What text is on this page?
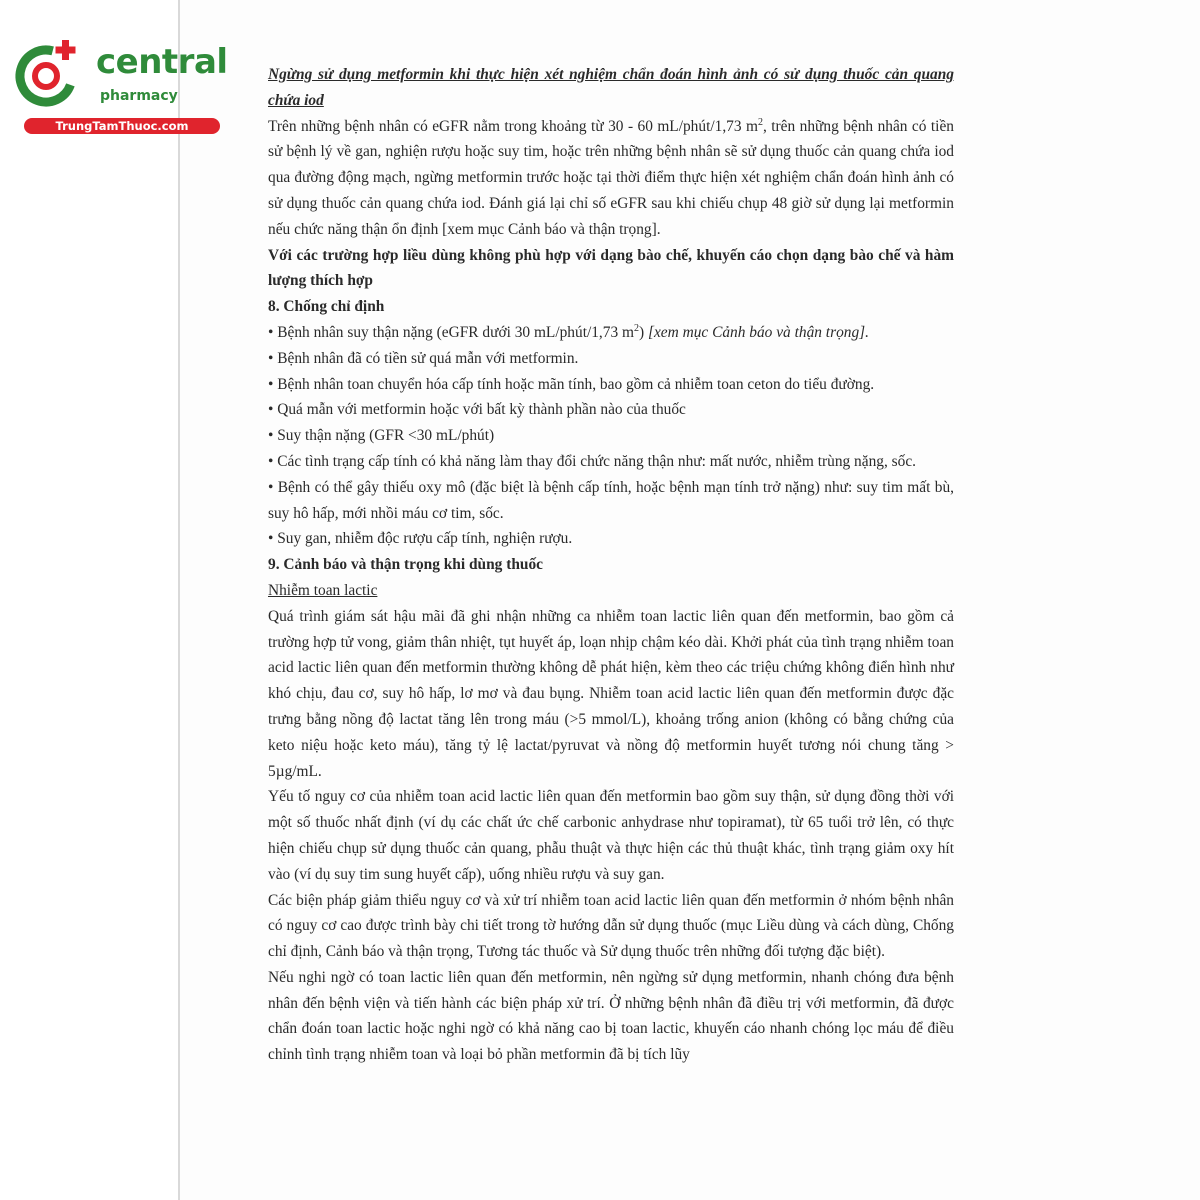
central
pharmacy
TrungTamThuoc.com

Ngừng sử dụng metformin khi thực hiện xét nghiệm chẩn đoán hình ảnh có sử dụng thuốc cản quang chứa iod

Trên những bệnh nhân có eGFR nằm trong khoảng từ 30 - 60 mL/phút/1,73 $m^2$, trên những bệnh nhân có tiền sử bệnh lý về gan, nghiện rượu hoặc suy tim, hoặc trên những bệnh nhân sẽ sử dụng thuốc cản quang chứa iod qua đường động mạch, ngừng metformin trước hoặc tại thời điểm thực hiện xét nghiệm chẩn đoán hình ảnh có sử dụng thuốc cản quang chứa iod. Đánh giá lại chỉ số eGFR sau khi chiếu chụp 48 giờ sử dụng lại metformin nếu chức năng thận ổn định [xem mục Cảnh báo và thận trọng].

Với các trường hợp liều dùng không phù hợp với dạng bào chế, khuyến cáo chọn dạng bào chế và hàm lượng thích hợp

8. Chống chỉ định

• Bệnh nhân suy thận nặng (eGFR dưới 30 mL/phút/1,73 $m^2$) [xem mục Cảnh báo và thận trọng].

• Bệnh nhân đã có tiền sử quá mẫn với metformin.

• Bệnh nhân toan chuyển hóa cấp tính hoặc mãn tính, bao gồm cả nhiễm toan ceton do tiểu đường.

• Quá mẫn với metformin hoặc với bất kỳ thành phần nào của thuốc

• Suy thận nặng (GFR <30 mL/phút)

• Các tình trạng cấp tính có khả năng làm thay đổi chức năng thận như: mất nước, nhiễm trùng nặng, sốc.

• Bệnh có thể gây thiếu oxy mô (đặc biệt là bệnh cấp tính, hoặc bệnh mạn tính trở nặng) như: suy tim mất bù, suy hô hấp, mới nhồi máu cơ tim, sốc.

• Suy gan, nhiễm độc rượu cấp tính, nghiện rượu.

9. Cảnh báo và thận trọng khi dùng thuốc

Nhiễm toan lactic

Quá trình giám sát hậu mãi đã ghi nhận những ca nhiễm toan lactic liên quan đến metformin, bao gồm cả trường hợp tử vong, giảm thân nhiệt, tụt huyết áp, loạn nhịp chậm kéo dài. Khởi phát của tình trạng nhiễm toan acid lactic liên quan đến metformin thường không dễ phát hiện, kèm theo các triệu chứng không điển hình như khó chịu, đau cơ, suy hô hấp, lơ mơ và đau bụng. Nhiễm toan acid lactic liên quan đến metformin được đặc trưng bằng nồng độ lactat tăng lên trong máu (>5 mmol/L), khoảng trống anion (không có bằng chứng của keto niệu hoặc keto máu), tăng tỷ lệ lactat/pyruvat và nồng độ metformin huyết tương nói chung tăng > 5µg/mL.

Yếu tố nguy cơ của nhiễm toan acid lactic liên quan đến metformin bao gồm suy thận, sử dụng đồng thời với một số thuốc nhất định (ví dụ các chất ức chế carbonic anhydrase như topiramat), từ 65 tuổi trở lên, có thực hiện chiếu chụp sử dụng thuốc cản quang, phẫu thuật và thực hiện các thủ thuật khác, tình trạng giảm oxy hít vào (ví dụ suy tim sung huyết cấp), uống nhiều rượu và suy gan.

Các biện pháp giảm thiểu nguy cơ và xử trí nhiễm toan acid lactic liên quan đến metformin ở nhóm bệnh nhân có nguy cơ cao được trình bày chi tiết trong tờ hướng dẫn sử dụng thuốc (mục Liều dùng và cách dùng, Chống chỉ định, Cảnh báo và thận trọng, Tương tác thuốc và Sử dụng thuốc trên những đối tượng đặc biệt).

Nếu nghi ngờ có toan lactic liên quan đến metformin, nên ngừng sử dụng metformin, nhanh chóng đưa bệnh nhân đến bệnh viện và tiến hành các biện pháp xử trí. Ở những bệnh nhân đã điều trị với metformin, đã được chẩn đoán toan lactic hoặc nghi ngờ có khả năng cao bị toan lactic, khuyến cáo nhanh chóng lọc máu để điều chỉnh tình trạng nhiễm toan và loại bỏ phần metformin đã bị tích lũy
